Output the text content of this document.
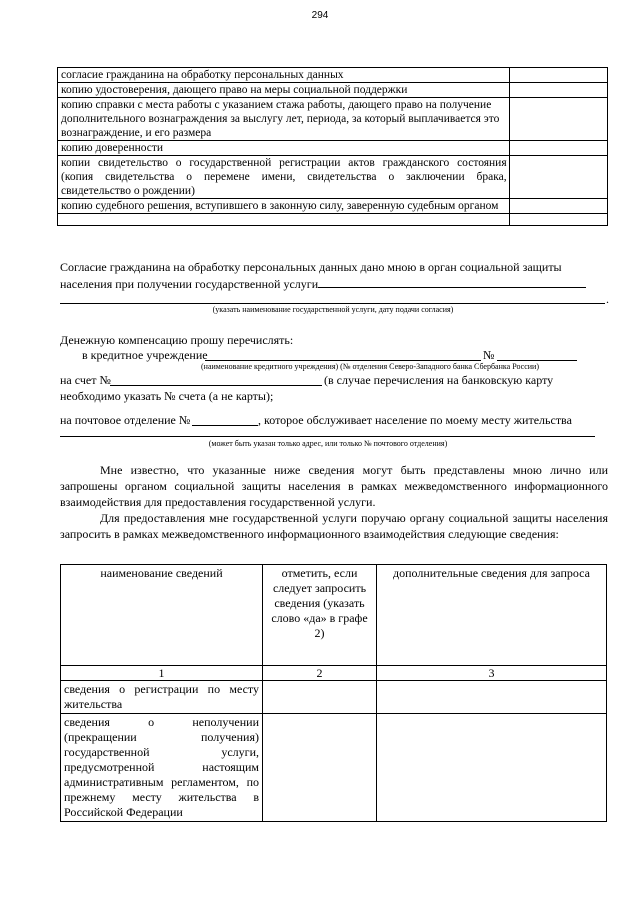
294
согласие гражданина на обработку персональных данных	
копию удостоверения, дающего право на меры социальной поддержки	
копию справки с места работы с указанием стажа работы, дающего право на получение дополнительного вознаграждения за выслугу лет, периода, за который выплачивается это вознаграждение, и его размера	
копию доверенности	
копии свидетельство о государственной регистрации актов гражданского состояния (копия свидетельства о перемене имени, свидетельства о заключении брака, свидетельство о рождении)	
копию судебного решения, вступившего в законную силу, заверенную судебным органом	

Согласие гражданина на обработку персональных данных дано мною в орган социальной защиты населения при получении государственной услуги
.
(указать наименование государственной услуги, дату подачи согласия)
Денежную компенсацию прошу перечислять:
в кредитное учреждение	№
(наименование кредитного учреждения) (№ отделения Северо-Западного банка Сбербанка России)
на счет №	(в случае перечисления на банковскую карту
необходимо указать № счета (а не карты);
на почтовое отделение №	, которое обслуживает население по моему месту жительства
(может быть указан только адрес, или только № почтового отделения)

Мне известно, что указанные ниже сведения могут быть представлены мною лично или запрошены органом социальной защиты населения в рамках межведомственного информационного взаимодействия для предоставления государственной услуги.

Для предоставления мне государственной услуги поручаю органу социальной защиты населения запросить в рамках межведомственного информационного взаимодействия следующие сведения:

наименование сведений	отметить, если следует запросить сведения (указать слово «да» в графе 2)	дополнительные сведения для запроса
1	2	3
сведения о регистрации по месту жительства		
сведения о неполучении (прекращении получения) государственной услуги, предусмотренной настоящим административным регламентом, по прежнему месту жительства в Российской Федерации		
